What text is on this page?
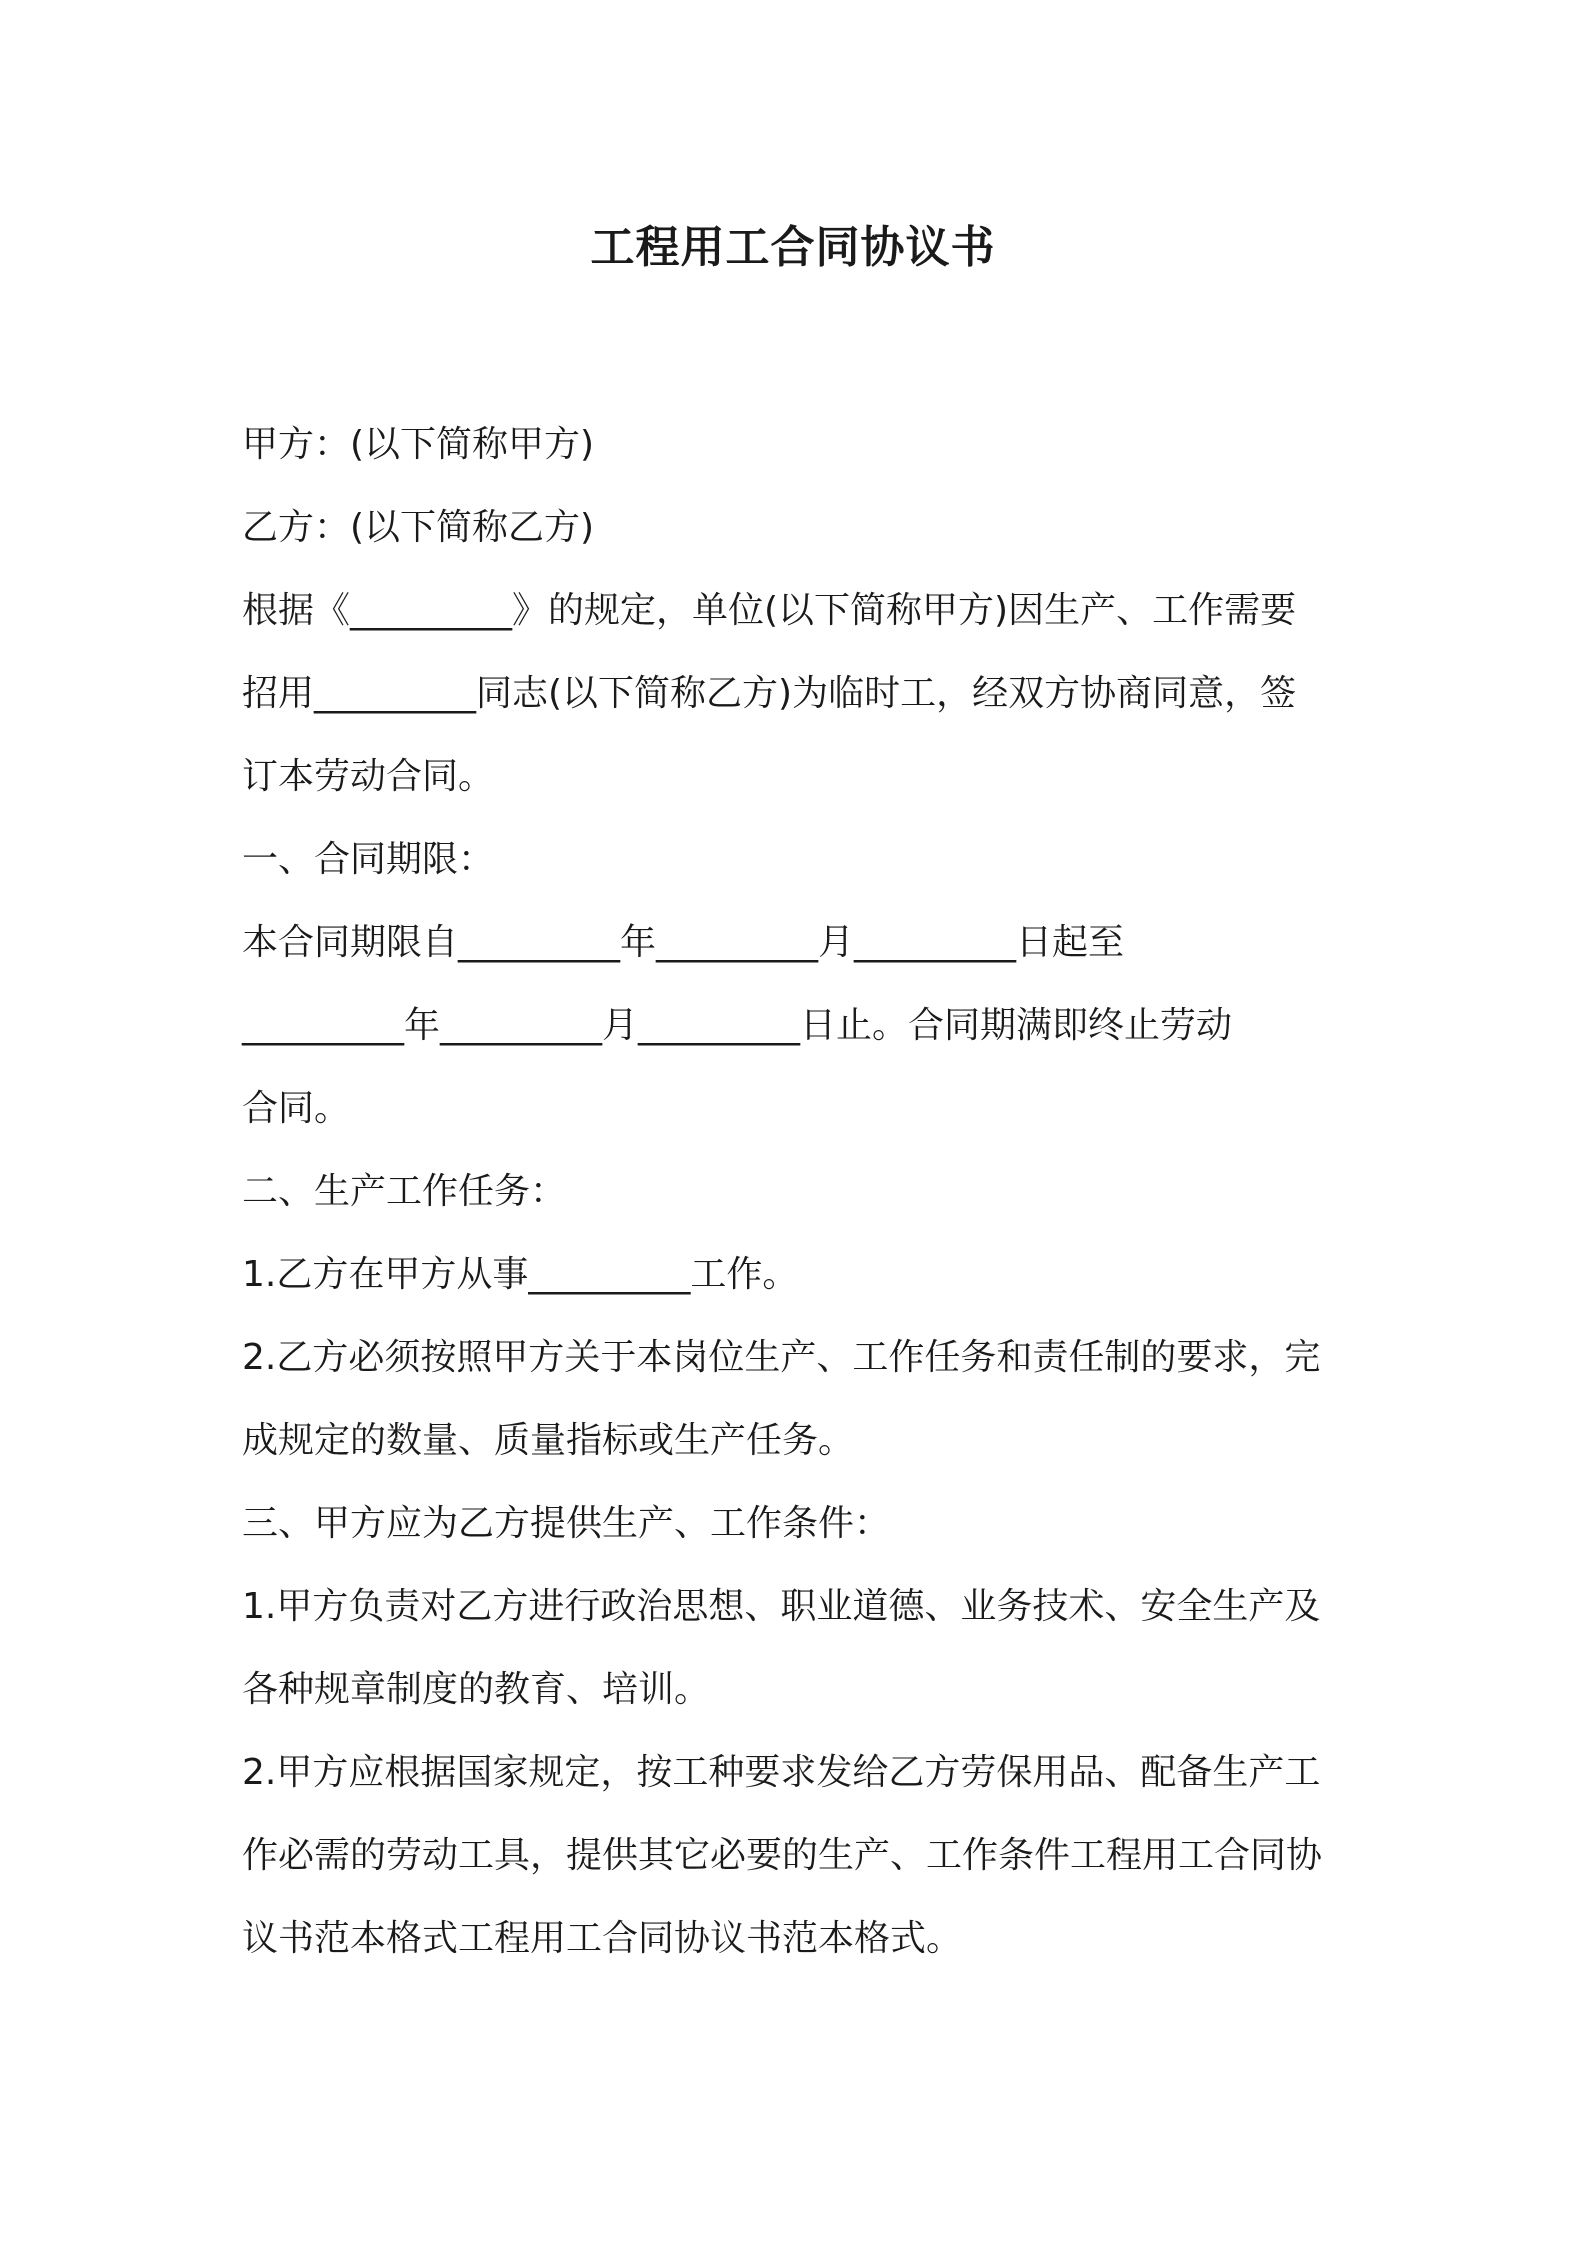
工程用工合同协议书

甲方：(以下简称甲方)

乙方：(以下简称乙方)

根据《_________》的规定，单位(以下简称甲方)因生产、工作需要

招用_________同志(以下简称乙方)为临时工，经双方协商同意，签

订本劳动合同。

一、合同期限：

本合同期限自_________年_________月_________日起至

_________年_________月_________日止。合同期满即终止劳动

合同。

二、生产工作任务：

1.乙方在甲方从事_________工作。

2.乙方必须按照甲方关于本岗位生产、工作任务和责任制的要求，完

成规定的数量、质量指标或生产任务。

三、甲方应为乙方提供生产、工作条件：

1.甲方负责对乙方进行政治思想、职业道德、业务技术、安全生产及

各种规章制度的教育、培训。

2.甲方应根据国家规定，按工种要求发给乙方劳保用品、配备生产工

作必需的劳动工具，提供其它必要的生产、工作条件工程用工合同协

议书范本格式工程用工合同协议书范本格式。
